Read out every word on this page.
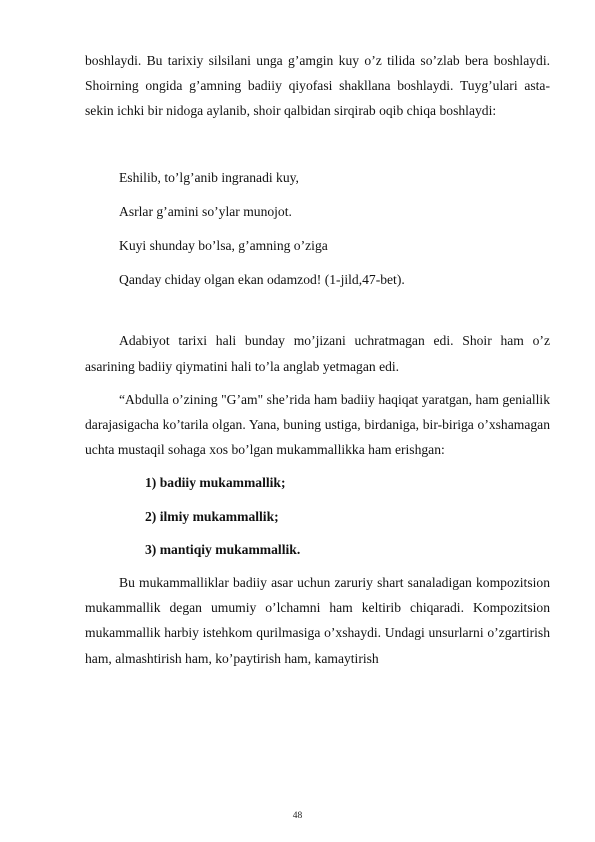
boshlaydi. Bu tarixiy silsilani unga g’amgin kuy o’z tilida so’zlab bera boshlaydi. Shoirning ongida g’amning badiiy qiyofasi shakllana boshlaydi. Tuyg’ulari asta-sekin ichki bir nidoga aylanib, shoir qalbidan sirqirab oqib chiqa boshlaydi:

Eshilib, to’lg’anib ingranadi kuy,

Asrlar g’amini so’ylar munojot.

Kuyi shunday bo’lsa, g’amning o’ziga

Qanday chiday olgan ekan odamzod! (1-jild,47-bet).

Adabiyot tarixi hali bunday mo’jizani uchratmagan edi. Shoir ham o’z asarining badiiy qiymatini hali to’la anglab yetmagan edi.

“Abdulla o’zining "G’am" she’rida ham badiiy haqiqat yaratgan, ham geniallik darajasigacha ko’tarila olgan. Yana, buning ustiga, birdaniga, bir-biriga o’xshamagan uchta mustaqil sohaga xos bo’lgan mukammallikka ham erishgan:

1) badiiy mukammallik;

2) ilmiy mukammallik;

3) mantiqiy mukammallik.

Bu mukammalliklar badiiy asar uchun zaruriy shart sanaladigan kompozitsion mukammallik degan umumiy o’lchamni ham keltirib chiqaradi. Kompozitsion mukammallik harbiy istehkom qurilmasiga o’xshaydi. Undagi unsurlarni o’zgartirish ham, almashtirish ham, ko’paytirish ham, kamaytirish

48
